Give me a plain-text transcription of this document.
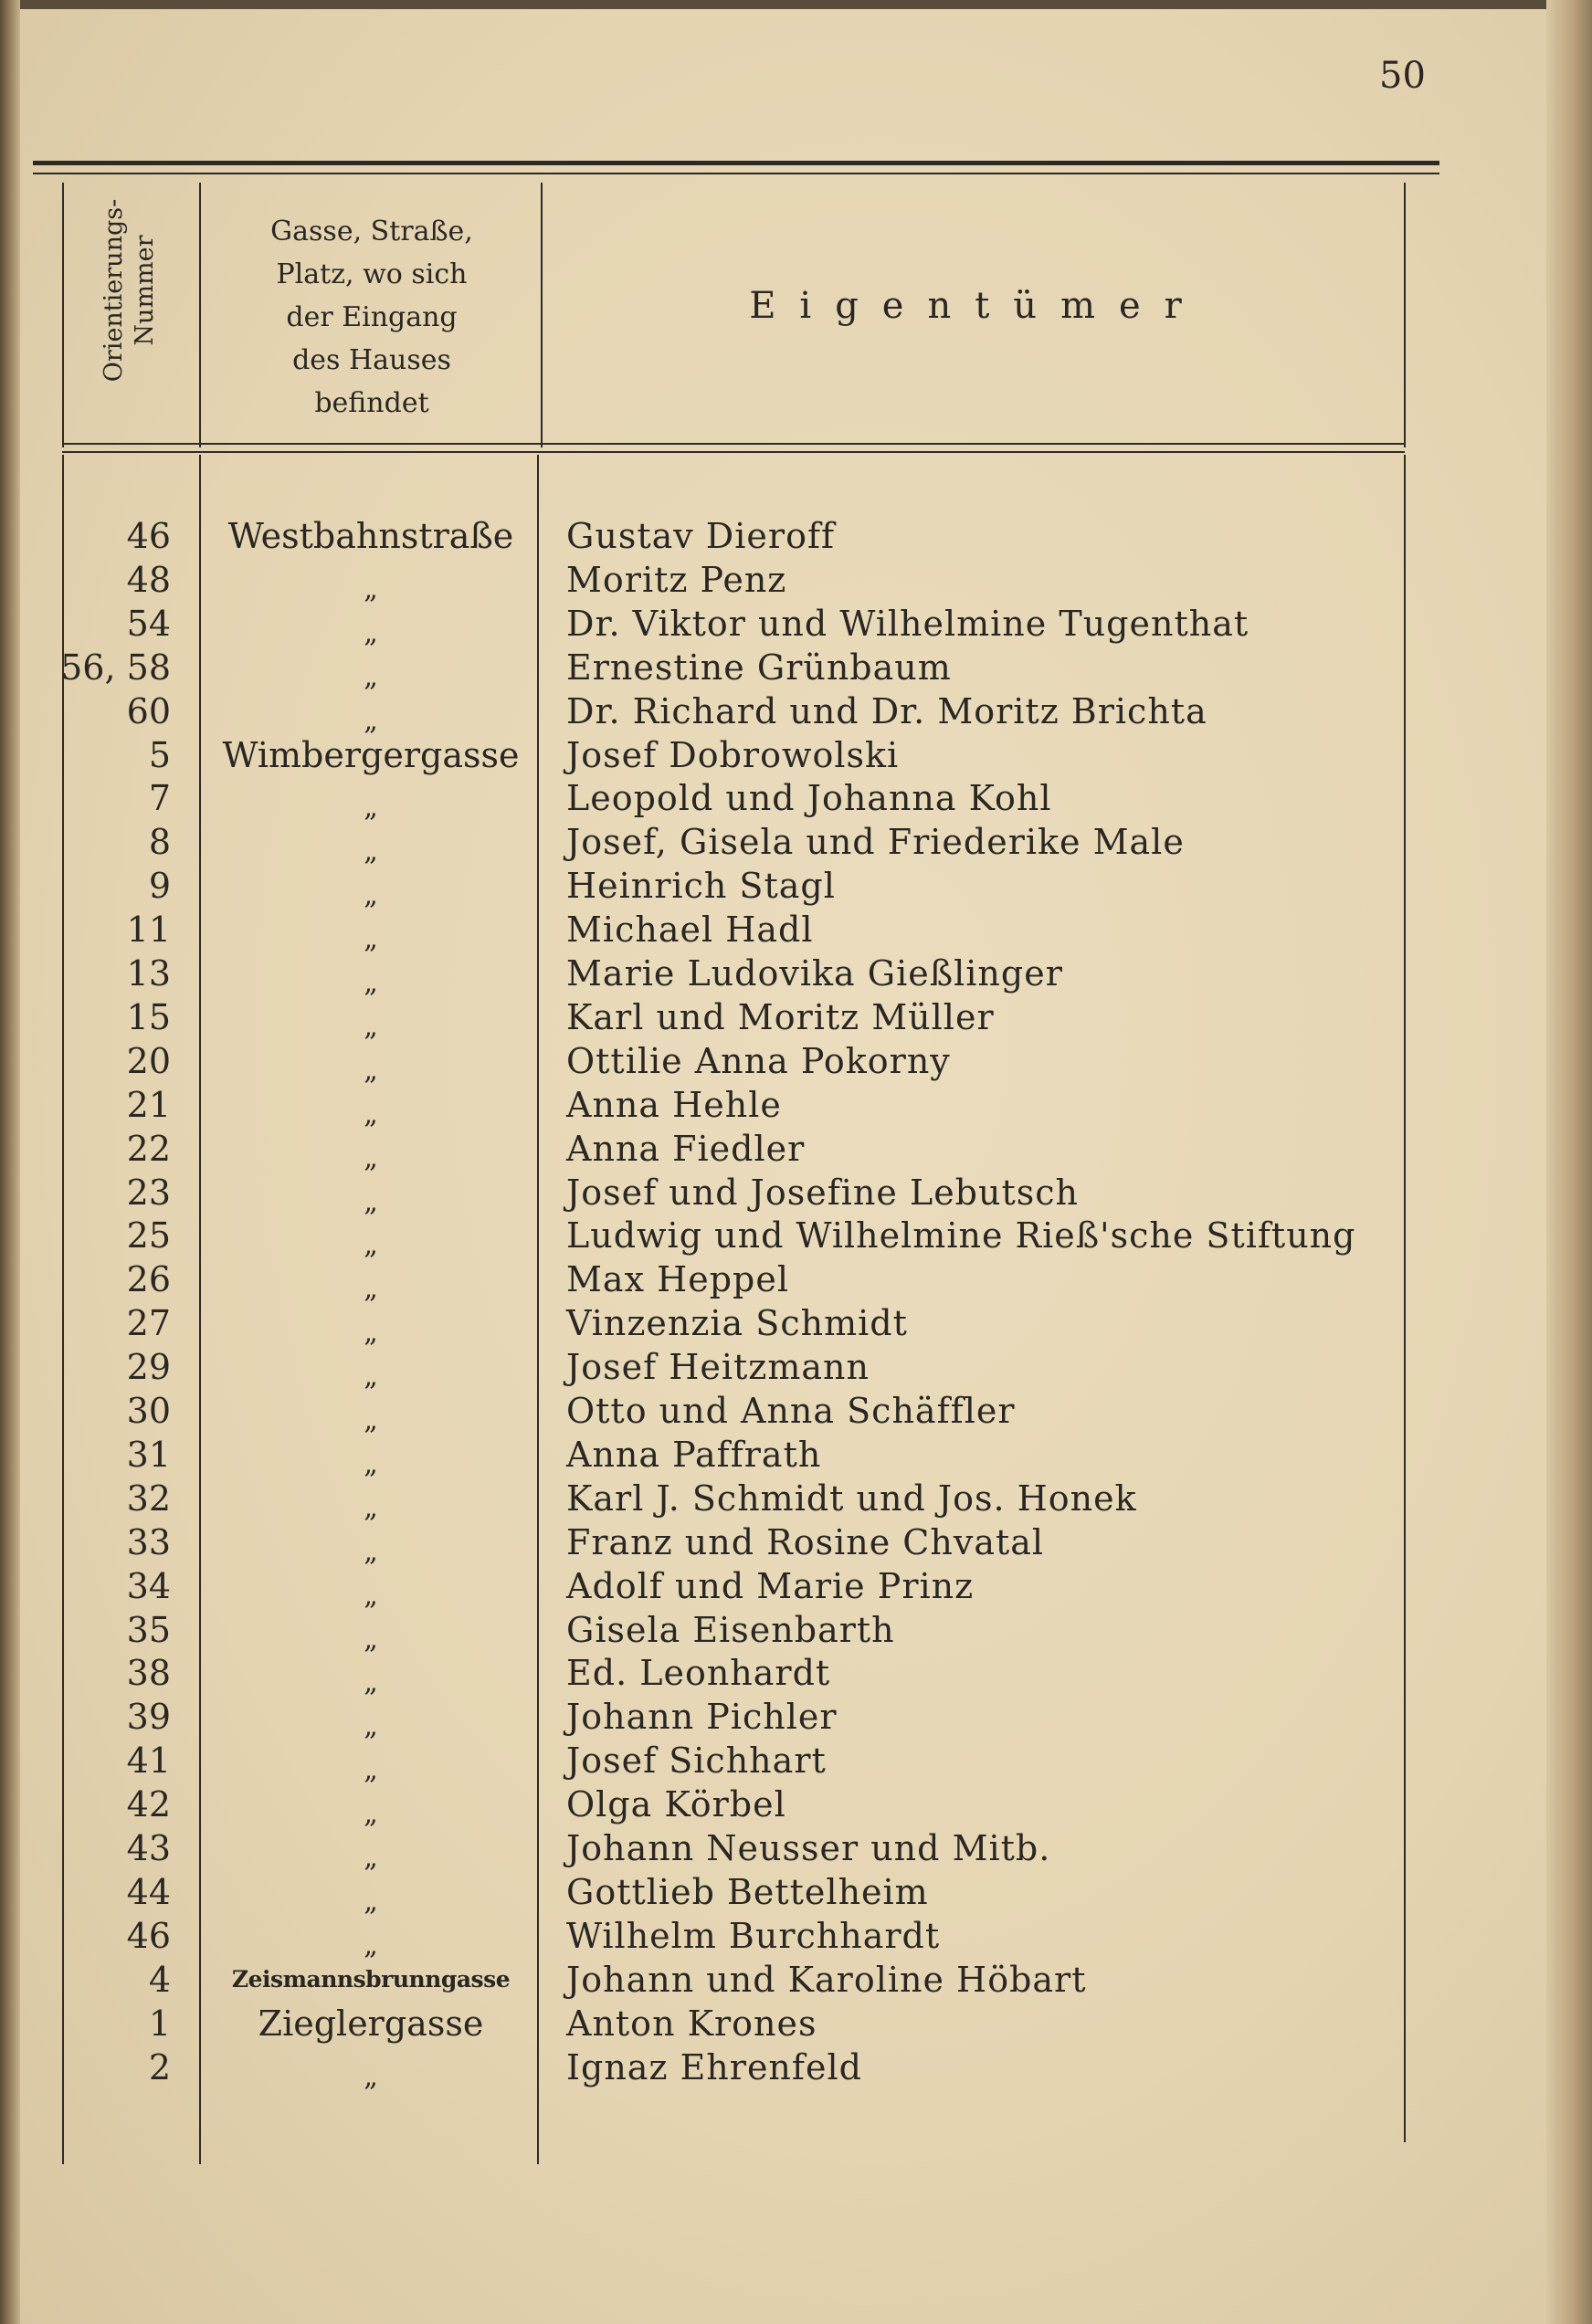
50
Orientierungs- Nummer
Gasse, Straße,
Platz, wo sich
der Eingang
des Hauses
befindet
Eigentümer
46	Westbahnstraße	Gustav Dieroff
48	„	Moritz Penz
54	„	Dr. Viktor und Wilhelmine Tugenthat
56, 58	„	Ernestine Grünbaum
60	„	Dr. Richard und Dr. Moritz Brichta
5	Wimbergergasse	Josef Dobrowolski
7	„	Leopold und Johanna Kohl
8	„	Josef, Gisela und Friederike Male
9	„	Heinrich Stagl
11	„	Michael Hadl
13	„	Marie Ludovika Gießlinger
15	„	Karl und Moritz Müller
20	„	Ottilie Anna Pokorny
21	„	Anna Hehle
22	„	Anna Fiedler
23	„	Josef und Josefine Lebutsch
25	„	Ludwig und Wilhelmine Rieß'sche Stiftung
26	„	Max Heppel
27	„	Vinzenzia Schmidt
29	„	Josef Heitzmann
30	„	Otto und Anna Schäffler
31	„	Anna Paffrath
32	„	Karl J. Schmidt und Jos. Honek
33	„	Franz und Rosine Chvatal
34	„	Adolf und Marie Prinz
35	„	Gisela Eisenbarth
38	„	Ed. Leonhardt
39	„	Johann Pichler
41	„	Josef Sichhart
42	„	Olga Körbel
43	„	Johann Neusser und Mitb.
44	„	Gottlieb Bettelheim
46	„	Wilhelm Burchhardt
4	Zeismannsbrunngasse	Johann und Karoline Höbart
1	Zieglergasse	Anton Krones
2	„	Ignaz Ehrenfeld
